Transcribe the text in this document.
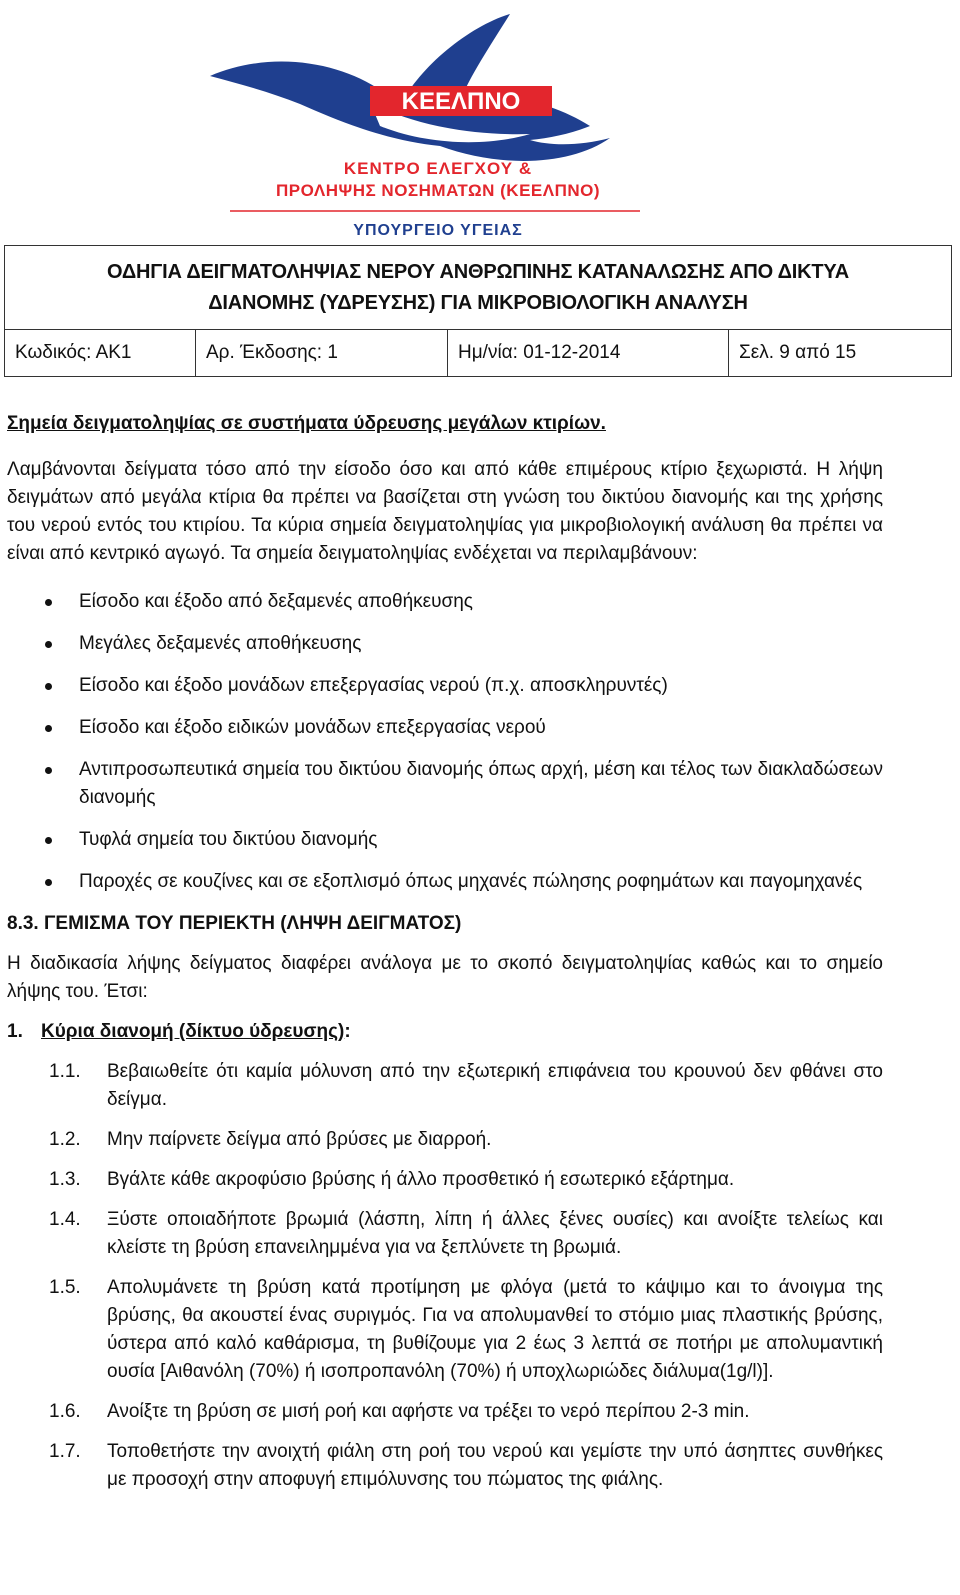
ΚΕΕΛΠΝΟ
ΚΕΝΤΡΟ ΕΛΕΓΧΟΥ &
ΠΡΟΛΗΨΗΣ ΝΟΣΗΜΑΤΩΝ (ΚΕΕΛΠΝΟ)
ΥΠΟΥΡΓΕΙΟ ΥΓΕΙΑΣ
ΟΔΗΓΙΑ ΔΕΙΓΜΑΤΟΛΗΨΙΑΣ ΝΕΡΟΥ ΑΝΘΡΩΠΙΝΗΣ ΚΑΤΑΝΑΛΩΣΗΣ ΑΠΟ ΔΙΚΤΥΑ
ΔΙΑΝΟΜΗΣ (ΥΔΡΕΥΣΗΣ) ΓΙΑ ΜΙΚΡΟΒΙΟΛΟΓΙΚΗ ΑΝΑΛΥΣΗ
Κωδικός: ΑΚ1	Αρ. Έκδοσης: 1	Ημ/νία: 01-12-2014	Σελ. 9 από 15

Σημεία δειγματοληψίας σε συστήματα ύδρευσης μεγάλων κτιρίων.

Λαμβάνονται δείγματα τόσο από την είσοδο όσο και από κάθε επιμέρους κτίριο ξεχωριστά. Η λήψη δειγμάτων από μεγάλα κτίρια θα πρέπει να βασίζεται στη γνώση του δικτύου διανομής και της χρήσης του νερού εντός του κτιρίου. Τα κύρια σημεία δειγματοληψίας για μικροβιολογική ανάλυση θα πρέπει να είναι από κεντρικό αγωγό. Τα σημεία δειγματοληψίας ενδέχεται να περιλαμβάνουν:

Είσοδο και έξοδο από δεξαμενές αποθήκευσης
Μεγάλες δεξαμενές αποθήκευσης
Είσοδο και έξοδο μονάδων επεξεργασίας νερού (π.χ. αποσκληρυντές)
Είσοδο και έξοδο ειδικών μονάδων επεξεργασίας νερού
Αντιπροσωπευτικά σημεία του δικτύου διανομής όπως αρχή, μέση και τέλος των διακλαδώσεων διανομής
Τυφλά σημεία του δικτύου διανομής
Παροχές σε κουζίνες και σε εξοπλισμό όπως μηχανές πώλησης ροφημάτων και παγομηχανές

8.3. ΓΕΜΙΣΜΑ ΤΟΥ ΠΕΡΙΕΚΤΗ (ΛΗΨΗ ΔΕΙΓΜΑΤΟΣ)

Η διαδικασία λήψης δείγματος διαφέρει ανάλογα με το σκοπό δειγματοληψίας καθώς και το σημείο λήψης του. Έτσι:

1. Κύρια διανομή (δίκτυο ύδρευσης) :
1.1.	Βεβαιωθείτε ότι καμία μόλυνση από την εξωτερική επιφάνεια του κρουνού δεν φθάνει στο δείγμα.
1.2.	Μην παίρνετε δείγμα από βρύσες με διαρροή.
1.3.	Βγάλτε κάθε ακροφύσιο βρύσης ή άλλο προσθετικό ή εσωτερικό εξάρτημα.
1.4.	Ξύστε οποιαδήποτε βρωμιά (λάσπη, λίπη ή άλλες ξένες ουσίες) και ανοίξτε τελείως και κλείστε τη βρύση επανειλημμένα για να ξεπλύνετε τη βρωμιά.
1.5.	Απολυμάνετε τη βρύση κατά προτίμηση με φλόγα (μετά το κάψιμο και το άνοιγμα της βρύσης, θα ακουστεί ένας συριγμός. Για να απολυμανθεί το στόμιο μιας πλαστικής βρύσης, ύστερα από καλό καθάρισμα, τη βυθίζουμε για 2 έως 3 λεπτά σε ποτήρι με απολυμαντική ουσία [Αιθανόλη (70%) ή ισοπροπανόλη (70%) ή υποχλωριώδες διάλυμα(1g/l)].
1.6.	Ανοίξτε τη βρύση σε μισή ροή και αφήστε να τρέξει το νερό περίπου 2-3 min.
1.7.	Τοποθετήστε την ανοιχτή φιάλη στη ροή του νερού και γεμίστε την υπό άσηπτες συνθήκες με προσοχή στην αποφυγή επιμόλυνσης του πώματος της φιάλης.
